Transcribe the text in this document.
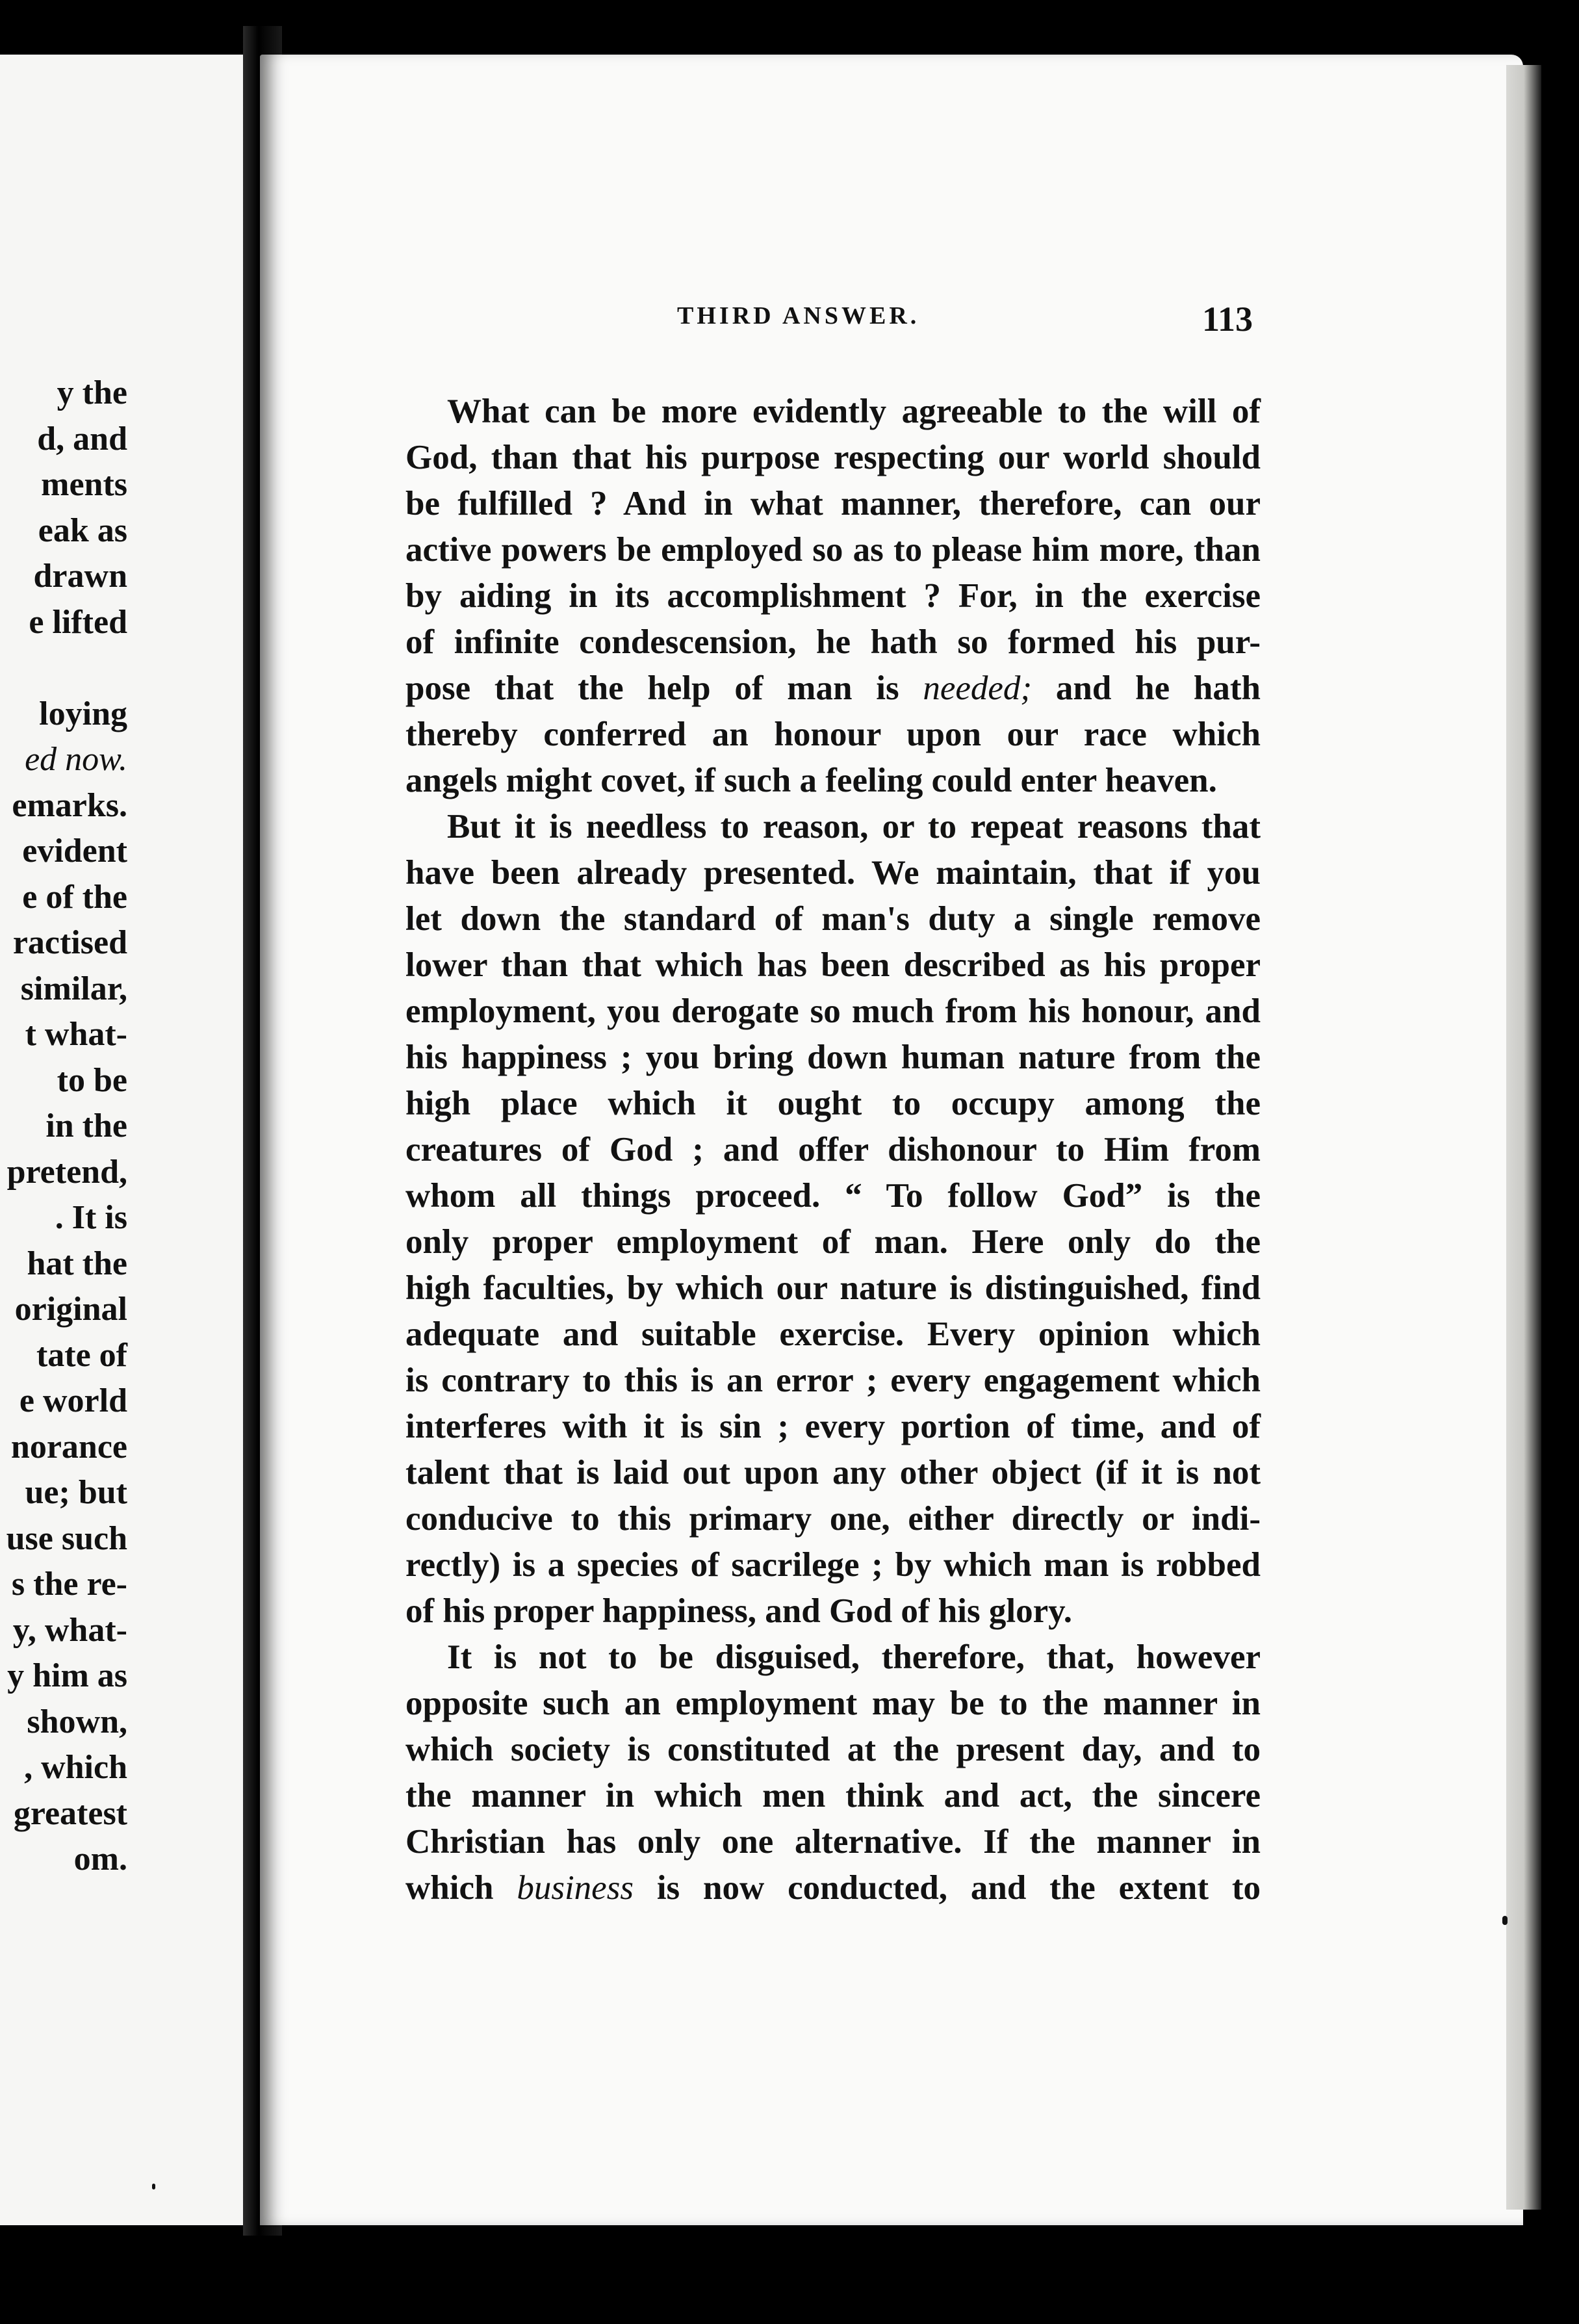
y the
d, and
ments
eak as
drawn
e lifted

loying
ed now.
emarks.
evident
e of the
ractised
similar,
t what-
to be
in the
pretend,
. It is
hat the
original
tate of
e world
norance
ue; but
use such
s the re-
y, what-
y him as
shown,
, which
greatest
om.
THIRD ANSWER.	113
What can be more evidently agreeable to the will of
God, than that his purpose respecting our world should
be fulfilled ? And in what manner, therefore, can our
active powers be employed so as to please him more, than
by aiding in its accomplishment ? For, in the exercise
of infinite condescension, he hath so formed his pur-
pose that the help of man is needed; and he hath
thereby conferred an honour upon our race which
angels might covet, if such a feeling could enter heaven.
But it is needless to reason, or to repeat reasons that
have been already presented. We maintain, that if you
let down the standard of man's duty a single remove
lower than that which has been described as his proper
employment, you derogate so much from his honour, and
his happiness ; you bring down human nature from the
high place which it ought to occupy among the
creatures of God ; and offer dishonour to Him from
whom all things proceed. “ To follow God” is the
only proper employment of man. Here only do the
high faculties, by which our nature is distinguished, find
adequate and suitable exercise. Every opinion which
is contrary to this is an error ; every engagement which
interferes with it is sin ; every portion of time, and of
talent that is laid out upon any other object (if it is not
conducive to this primary one, either directly or indi-
rectly) is a species of sacrilege ; by which man is robbed
of his proper happiness, and God of his glory.
It is not to be disguised, therefore, that, however
opposite such an employment may be to the manner in
which society is constituted at the present day, and to
the manner in which men think and act, the sincere
Christian has only one alternative. If the manner in
which business is now conducted, and the extent to
